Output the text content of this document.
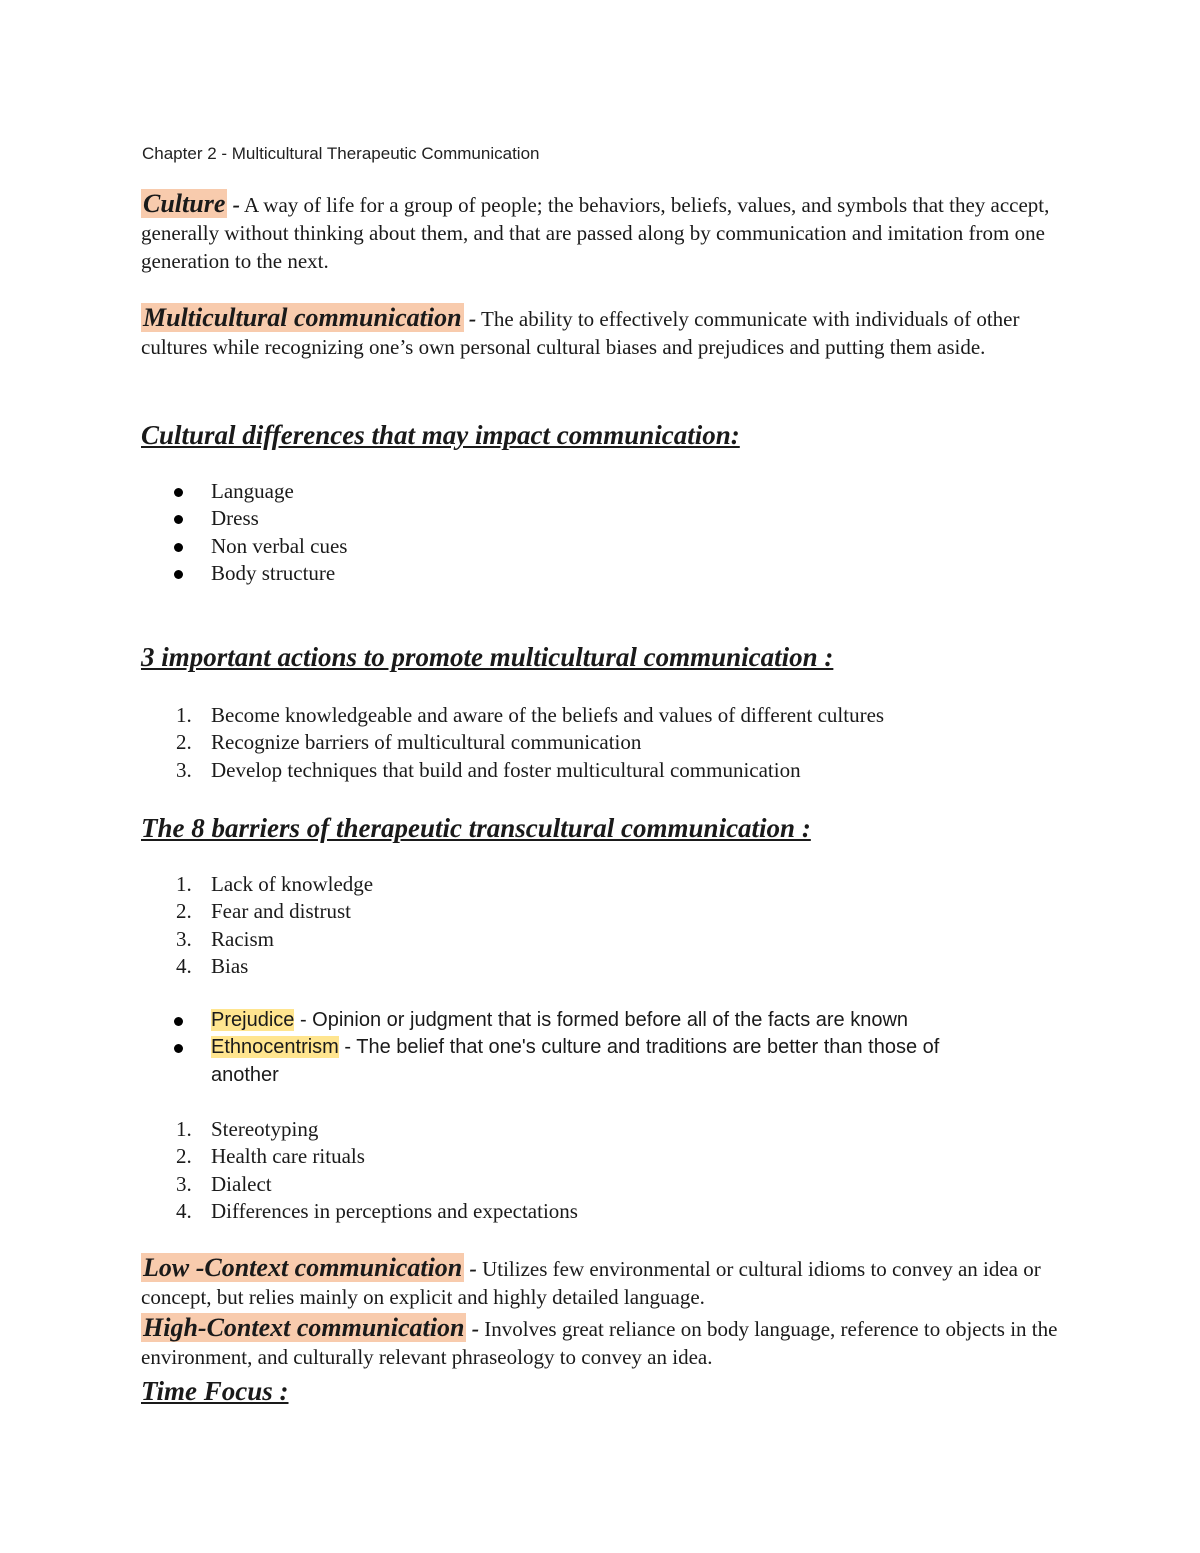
Chapter 2 - Multicultural Therapeutic Communication

Culture - A way of life for a group of people; the behaviors, beliefs, values, and symbols that they accept, generally without thinking about them, and that are passed along by communication and imitation from one generation to the next.

Multicultural communication - The ability to effectively communicate with individuals of other cultures while recognizing one’s own personal cultural biases and prejudices and putting them aside.

Cultural differences that may impact communication:
Language
Dress
Non verbal cues
Body structure
3 important actions to promote multicultural communication :
1. Become knowledgeable and aware of the beliefs and values of different cultures
2. Recognize barriers of multicultural communication
3. Develop techniques that build and foster multicultural communication
The 8 barriers of therapeutic transcultural communication :
1. Lack of knowledge
2. Fear and distrust
3. Racism
4. Bias
Prejudice - Opinion or judgment that is formed before all of the facts are known
Ethnocentrism - The belief that one's culture and traditions are better than those of another
1. Stereotyping
2. Health care rituals
3. Dialect
4. Differences in perceptions and expectations

Low -Context communication - Utilizes few environmental or cultural idioms to convey an idea or concept, but relies mainly on explicit and highly detailed language.

High-Context communication - Involves great reliance on body language, reference to objects in the environment, and culturally relevant phraseology to convey an idea.

Time Focus :
